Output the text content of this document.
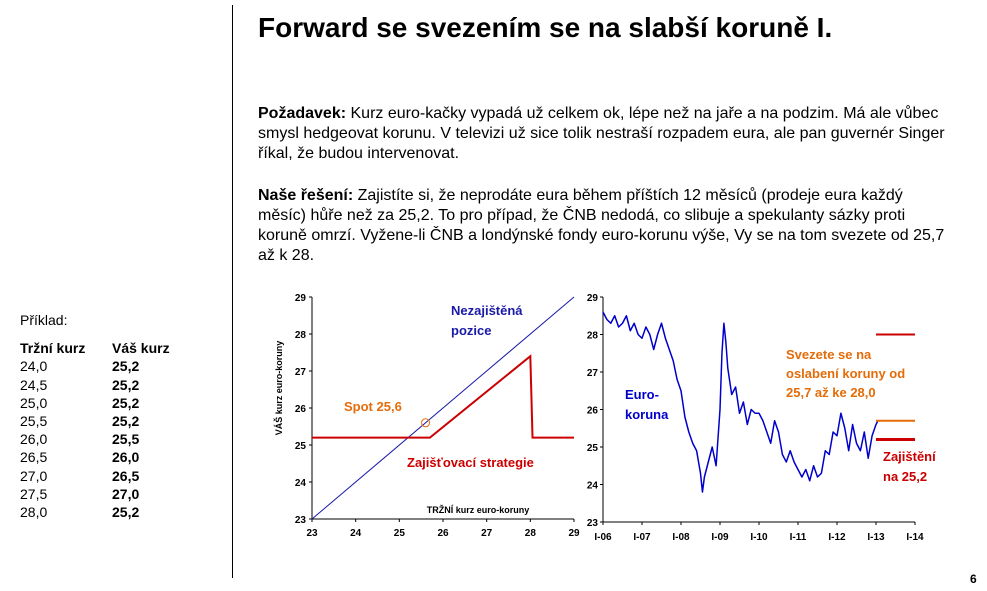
Forward se svezením se na slabší koruně I.
Požadavek: Kurz euro-kačky vypadá už celkem ok, lépe než na jaře a na podzim. Má ale vůbec smysl hedgeovat korunu. V televizi už sice tolik nestraší rozpadem eura, ale pan guvernér Singer říkal, že budou intervenovat.
Naše řešení: Zajistíte si, že neprodáte eura během příštích 12 měsíců (prodeje eura každý měsíc) hůře než za 25,2. To pro případ, že ČNB nedodá, co slibuje a spekulanty sázky proti koruně omrzí. Vyžene-li ČNB a londýnské fondy euro-korunu výše, Vy se na tom svezete od 25,7 až k 28.
Příklad:
Tržní kurz	Váš kurz
24,0	25,2
24,5	25,2
25,0	25,2
25,5	25,2
26,0	25,5
26,5	26,0
27,0	26,5
27,5	27,0
28,0	25,2
23
24
25
26
27
28
29
23	24	25	26	27	28	29
TRŽNÍ kurz euro-koruny
VÁŠ kurz euro-koruny	Spot 25,6
Nezajištěná
pozice
Zajišťovací strategie
23
24
25
26
27
28
29
I-06 I-07 I-08 I-09 I-10 I-11 I-12 I-13 I-14
Euro-
koruna
Svezete se na
oslabení koruny od
25,7 až ke 28,0
Zajištění
na 25,2
6
